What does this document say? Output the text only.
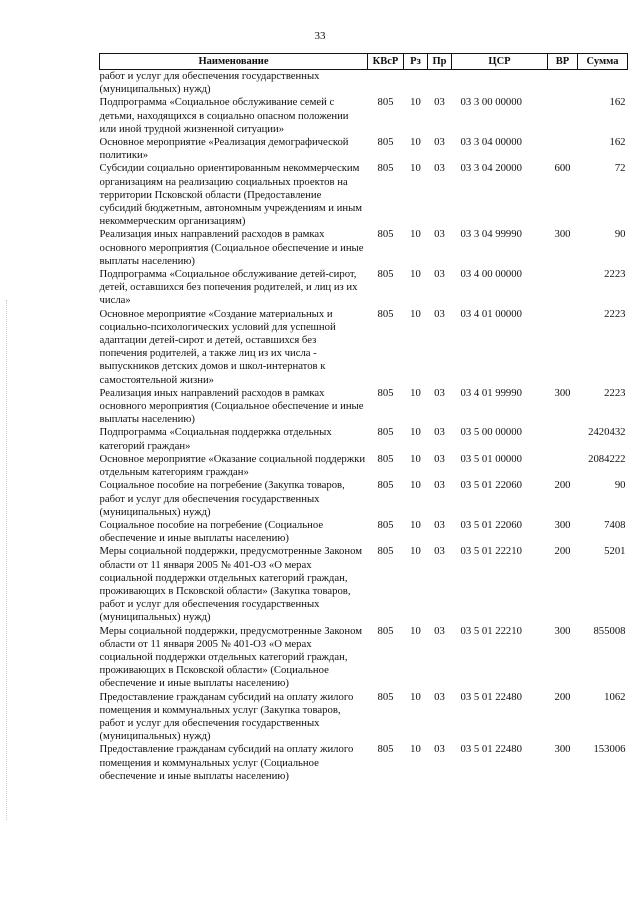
33
Наименование	КВсР	Рз	Пр	ЦСР	ВР	Сумма
работ и услуг для обеспечения государственных (муниципальных) нужд)						
Подпрограмма «Социальное обслуживание семей с детьми, находящихся в социально опасном положении или иной трудной жизненной ситуации»	805	10	03	03 3 00 00000		162
Основное мероприятие «Реализация демографической политики»	805	10	03	03 3 04 00000		162
Субсидии социально ориентированным некоммерческим организациям на реализацию социальных проектов на территории Псковской области (Предоставление субсидий бюджетным, автономным учреждениям и иным некоммерческим организациям)	805	10	03	03 3 04 20000	600	72
Реализация иных направлений расходов в рамках основного мероприятия (Социальное обеспечение и иные выплаты населению)	805	10	03	03 3 04 99990	300	90
Подпрограмма «Социальное обслуживание детей-сирот, детей, оставшихся без попечения родителей, и лиц из их числа»	805	10	03	03 4 00 00000		2223
Основное мероприятие «Создание материальных и социально-психологических условий для успешной адаптации детей-сирот и детей, оставшихся без попечения родителей, а также лиц из их числа - выпускников детских домов и школ-интернатов к самостоятельной жизни»	805	10	03	03 4 01 00000		2223
Реализация иных направлений расходов в рамках основного мероприятия (Социальное обеспечение и иные выплаты населению)	805	10	03	03 4 01 99990	300	2223
Подпрограмма «Социальная поддержка отдельных категорий граждан»	805	10	03	03 5 00 00000		2420432
Основное мероприятие «Оказание социальной поддержки отдельным категориям граждан»	805	10	03	03 5 01 00000		2084222
Социальное пособие на погребение (Закупка товаров, работ и услуг для обеспечения государственных (муниципальных) нужд)	805	10	03	03 5 01 22060	200	90
Социальное пособие на погребение (Социальное обеспечение и иные выплаты населению)	805	10	03	03 5 01 22060	300	7408
Меры социальной поддержки, предусмотренные Законом области от 11 января 2005 № 401-ОЗ «О мерах социальной поддержки отдельных категорий граждан, проживающих в Псковской области» (Закупка товаров, работ и услуг для обеспечения государственных (муниципальных) нужд)	805	10	03	03 5 01 22210	200	5201
Меры социальной поддержки, предусмотренные Законом области от 11 января 2005 № 401-ОЗ «О мерах социальной поддержки отдельных категорий граждан, проживающих в Псковской области» (Социальное обеспечение и иные выплаты населению)	805	10	03	03 5 01 22210	300	855008
Предоставление гражданам субсидий на оплату жилого помещения и коммунальных услуг (Закупка товаров, работ и услуг для обеспечения государственных (муниципальных) нужд)	805	10	03	03 5 01 22480	200	1062
Предоставление гражданам субсидий на оплату жилого помещения и коммунальных услуг (Социальное обеспечение и иные выплаты населению)	805	10	03	03 5 01 22480	300	153006
